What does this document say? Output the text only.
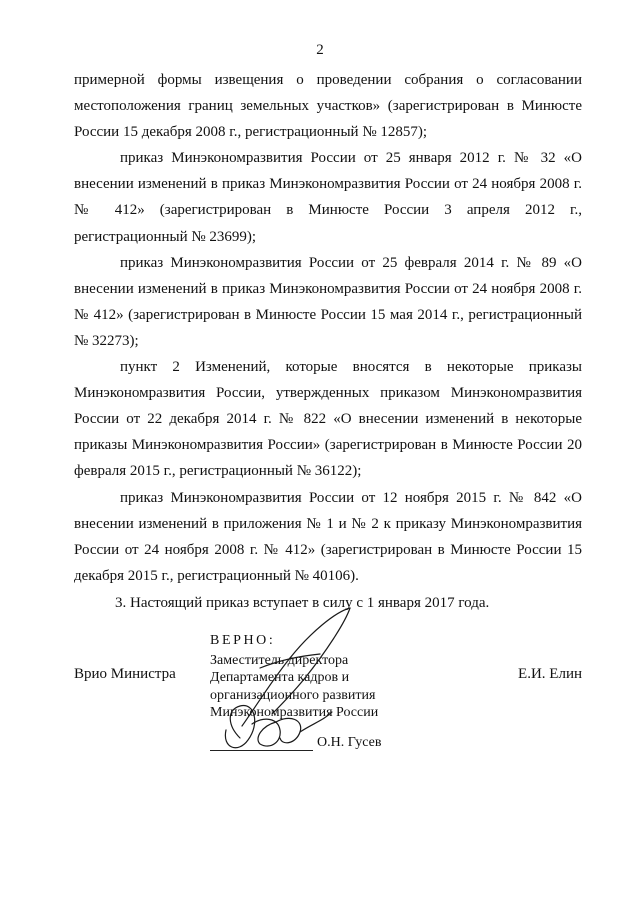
2

примерной формы извещения о проведении собрания о согласовании местоположения границ земельных участков» (зарегистрирован в Минюсте России 15 декабря 2008 г., регистрационный № 12857);

приказ Минэкономразвития России от 25 января 2012 г. № 32 «О внесении изменений в приказ Минэкономразвития России от 24 ноября 2008 г. № 412» (зарегистрирован в Минюсте России 3 апреля 2012 г., регистрационный № 23699);

приказ Минэкономразвития России от 25 февраля 2014 г. № 89 «О внесении изменений в приказ Минэкономразвития России от 24 ноября 2008 г. № 412» (зарегистрирован в Минюсте России 15 мая 2014 г., регистрационный № 32273);

пункт 2 Изменений, которые вносятся в некоторые приказы Минэкономразвития России, утвержденных приказом Минэкономразвития России от 22 декабря 2014 г. № 822 «О внесении изменений в некоторые приказы Минэкономразвития России» (зарегистрирован в Минюсте России 20 февраля 2015 г., регистрационный № 36122);

приказ Минэкономразвития России от 12 ноября 2015 г. № 842 «О внесении изменений в приложения № 1 и № 2 к приказу Минэкономразвития России от 24 ноября 2008 г. № 412» (зарегистрирован в Минюсте России 15 декабря 2015 г., регистрационный № 40106).

3. Настоящий приказ вступает в силу с 1 января 2017 года.

Врио Министра	Е.И. Елин
ВЕРНО:
Заместитель директора
Департамента кадров и
организационного развития
Минэкономразвития России
О.Н. Гусев
